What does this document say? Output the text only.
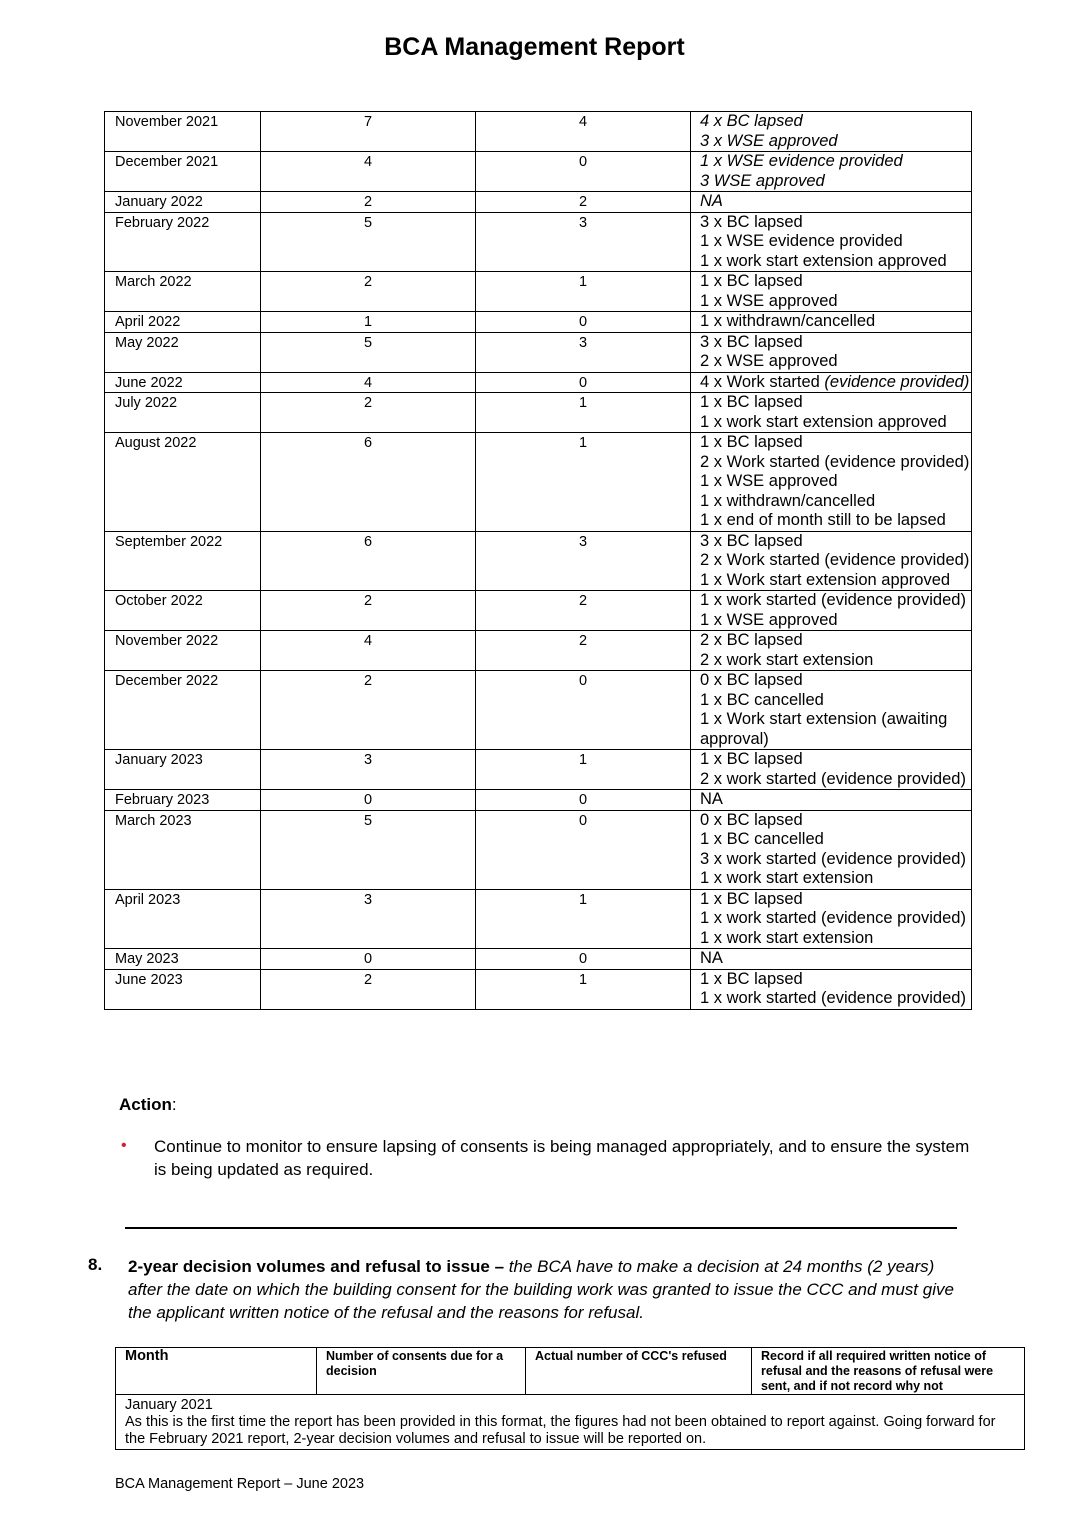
BCA Management Report
November 2021	7	4	4 x BC lapsed
3 x WSE approved

December 2021	4	0	1 x WSE evidence provided
3 WSE approved

January 2022	2	2	NA

February 2022	5	3	3 x BC lapsed
1 x WSE evidence provided
1 x work start extension approved

March 2022	2	1	1 x BC lapsed
1 x WSE approved

April 2022	1	0	1 x withdrawn/cancelled

May 2022	5	3	3 x BC lapsed
2 x WSE approved

June 2022	4	0	4 x Work started (evidence provided)

July 2022	2	1	1 x BC lapsed
1 x work start extension approved

August 2022	6	1	1 x BC lapsed
2 x Work started (evidence provided)
1 x WSE approved
1 x withdrawn/cancelled
1 x end of month still to be lapsed

September 2022	6	3	3 x BC lapsed
2 x Work started (evidence provided)
1 x Work start extension approved

October 2022	2	2	1 x work started (evidence provided)
1 x WSE approved

November 2022	4	2	2 x BC lapsed
2 x work start extension

December 2022	2	0	0 x BC lapsed
1 x BC cancelled
1 x Work start extension (awaiting approval)

January 2023	3	1	1 x BC lapsed
2 x work started (evidence provided)

February 2023	0	0	NA

March 2023	5	0	0 x BC lapsed
1 x BC cancelled
3 x work started (evidence provided)
1 x work start extension

April 2023	3	1	1 x BC lapsed
1 x work started (evidence provided)
1 x work start extension

May 2023	0	0	NA

June 2023	2	1	1 x BC lapsed
1 x work started (evidence provided)
Action:
• Continue to monitor to ensure lapsing of consents is being managed appropriately, and to ensure the system is being updated as required.
8. 2-year decision volumes and refusal to issue – the BCA have to make a decision at 24 months (2 years) after the date on which the building consent for the building work was granted to issue the CCC and must give the applicant written notice of the refusal and the reasons for refusal.
Month	Number of consents due for a decision	Actual number of CCC's refused	Record if all required written notice of refusal and the reasons of refusal were sent, and if not record why not

January 2021
As this is the first time the report has been provided in this format, the figures had not been obtained to report against. Going forward for the February 2021 report, 2-year decision volumes and refusal to issue will be reported on.
BCA Management Report – June 2023
